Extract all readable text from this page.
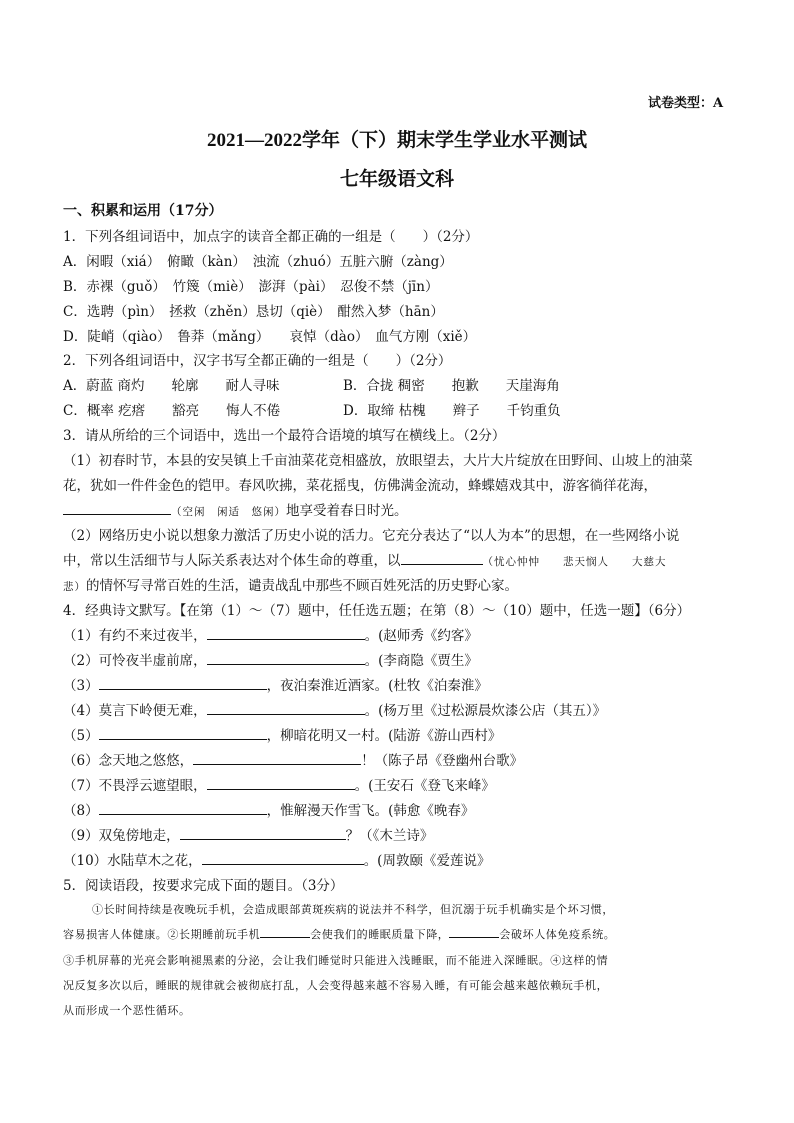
试卷类型：A
2021—2022学年（下）期末学生学业水平测试
七年级语文科
一、积累和运用（17分）
1．下列各组词语中，加点字的读音全都正确的一组是（　　）（2分）
A．闲暇（xiá）　俯瞰（kàn）　浊流（zhuó）五脏六腑（zàng）
B．赤裸（guǒ）　竹篾（miè）　澎湃（pài）　忍俊不禁（jīn）
C．选聘（pìn）　拯救（zhěn）恳切（qiè）　酣然入梦（hān）
D．陡峭（qiào）　鲁莽（mǎng）　　哀悼（dào）　血气方刚（xiě）
2．下列各组词语中，汉字书写全都正确的一组是（　　）（2分）
A．蔚蓝 商灼　　轮廓　　耐人寻味	B．合拢 稠密　　抱歉　　天崖海角
C．概率 疙瘩　　豁亮　　悔人不倦	D．取缔 枯槐　　辫子　　千钧重负
3．请从所给的三个词语中，选出一个最符合语境的填写在横线上。（2分）
（1）初春时节，本县的安吴镇上千亩油菜花竞相盛放，放眼望去，大片大片绽放在田野间、山坡上的油菜
花，犹如一件件金色的铠甲。春风吹拂，菜花摇曳，仿佛满金流动，蜂蝶嬉戏其中，游客徜徉花海，
（空闲　闲适　悠闲）地享受着春日时光。
（2）网络历史小说以想象力激活了历史小说的活力。它充分表达了“以人为本”的思想，在一些网络小说
中，常以生活细节与人际关系表达对个体生命的尊重，以	（忧心忡忡　　悲天悯人　　大慈大
悲）的情怀写寻常百姓的生活，谴责战乱中那些不顾百姓死活的历史野心家。
4．经典诗文默写。【在第（1）～（7）题中，任任选五题；在第（8）～（10）题中，任选一题】（6分）
（1）有约不来过夜半，	。(赵师秀《约客》
（2）可怜夜半虚前席，	。(李商隐《贾生》
（3）	，夜泊秦淮近酒家。(杜牧《泊秦淮》
（4）莫言下岭便无难，	。(杨万里《过松源晨炊漆公店（其五）》
（5）	，柳暗花明又一村。(陆游《游山西村》
（6）念天地之悠悠，	！（陈子昂《登幽州台歌》
（7）不畏浮云遮望眼，	。(王安石《登飞来峰》
（8）	，惟解漫天作雪飞。(韩愈《晚春》
（9）双兔傍地走，	？（《木兰诗》
（10）水陆草木之花，	。(周敦颐《爱莲说》
5．阅读语段，按要求完成下面的题目。（3分）
①长时间持续是夜晚玩手机，会造成眼部黄斑疾病的说法并不科学，但沉溺于玩手机确实是个坏习惯，
容易损害人体健康。②长期睡前玩手机	会使我们的睡眠质量下降，	会破坏人体免疫系统。
③手机屏幕的光亮会影响褪黑素的分泌，会让我们睡觉时只能进入浅睡眠，而不能进入深睡眠。④这样的情
况反复多次以后，睡眠的规律就会被彻底打乱，人会变得越来越不容易入睡，有可能会越来越依赖玩手机，
从而形成一个恶性循环。
